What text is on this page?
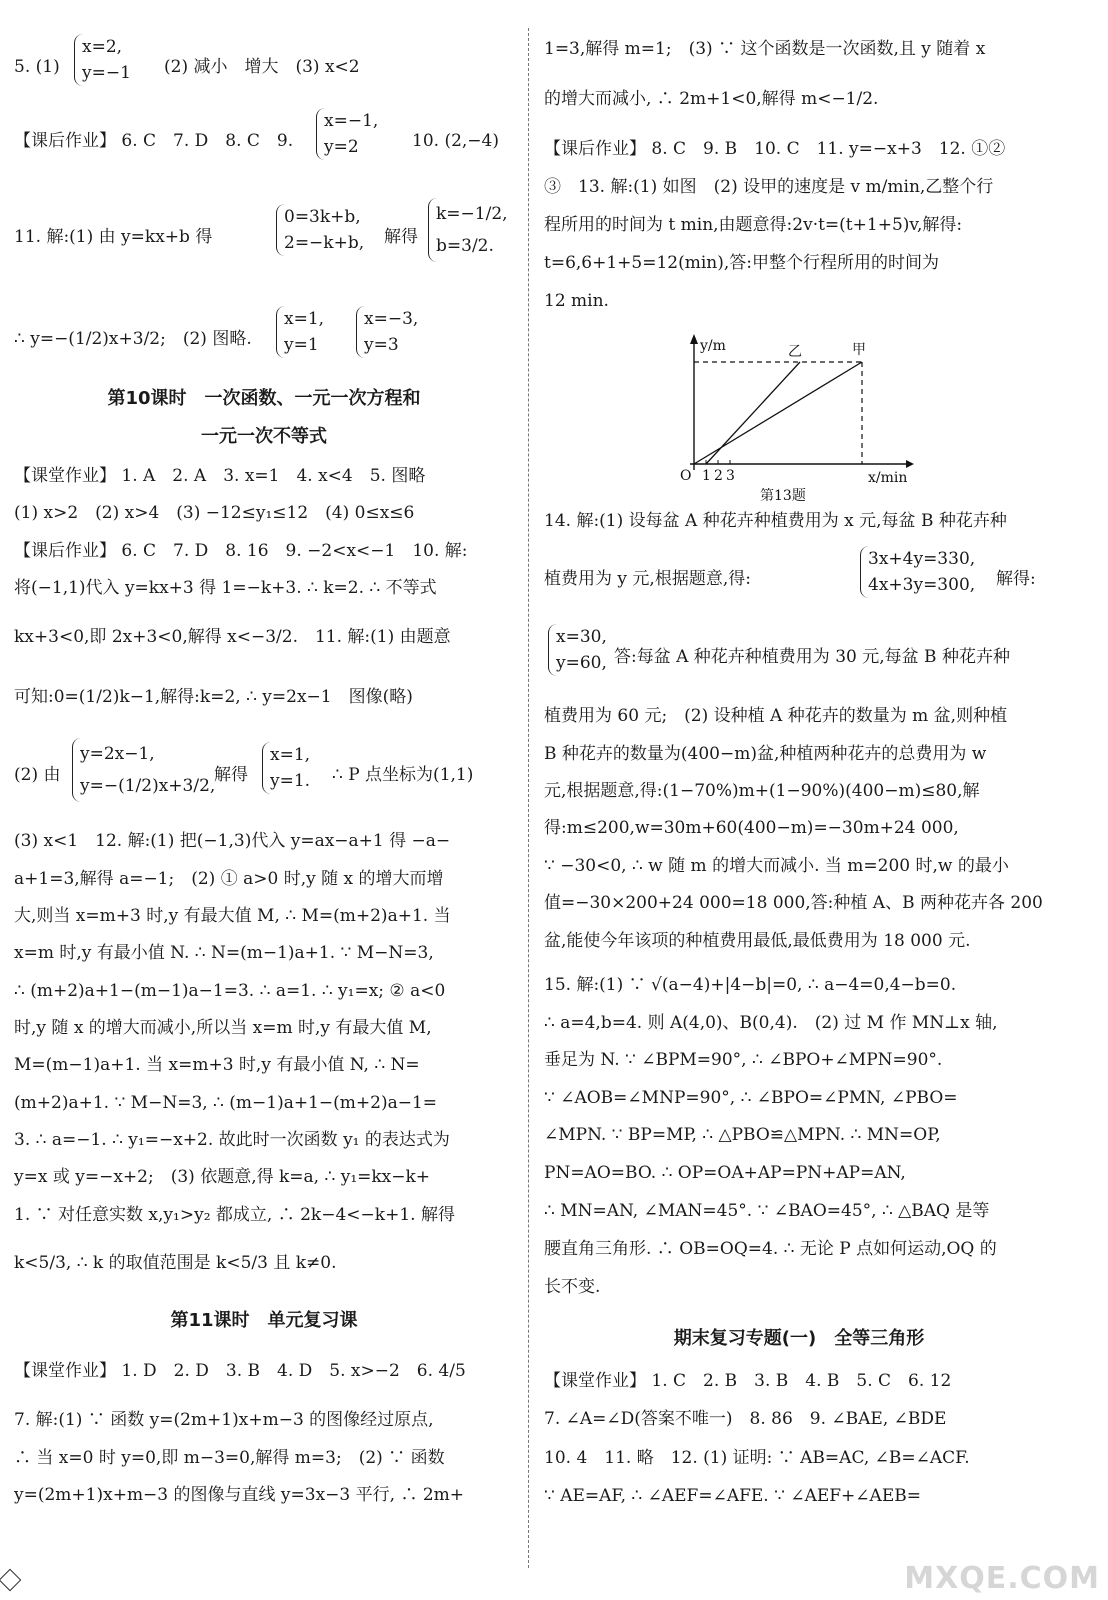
5. (1)
x=2,
y=−1 (2) 减小　增大　(3) x<2
【课后作业】 6. C　7. D　8. C　9.
x=−1,
y=2	10. (2,−4)
11. 解:(1) 由 y=kx+b 得
0=3k+b,
2=−k+b, 解得
k=−1/2,
b=3/2.
∴ y=−(1/2)x+3/2;　(2) 图略.
x=1,
y=1
x=−3,
y=3
第10课时　一次函数、一元一次方程和
一元一次不等式
【课堂作业】 1. A　2. A　3. x=1　4. x<4　5. 图略
(1) x>2　(2) x>4　(3) −12≤y₁≤12　(4) 0≤x≤6
【课后作业】 6. C　7. D　8. 16　9. −2<x<−1　10. 解:
将(−1,1)代入 y=kx+3 得 1=−k+3. ∴ k=2. ∴ 不等式
kx+3<0,即 2x+3<0,解得 x<−3/2.　11. 解:(1) 由题意
可知:0=(1/2)k−1,解得:k=2, ∴ y=2x−1　图像(略)
(2) 由
y=2x−1,
y=−(1/2)x+3/2,
解得
x=1,
y=1. ∴ P 点坐标为(1,1)
(3) x<1　12. 解:(1) 把(−1,3)代入 y=ax−a+1 得 −a−
a+1=3,解得 a=−1;　(2) ① a>0 时,y 随 x 的增大而增
大,则当 x=m+3 时,y 有最大值 M, ∴ M=(m+2)a+1. 当
x=m 时,y 有最小值 N. ∴ N=(m−1)a+1. ∵ M−N=3,
∴ (m+2)a+1−(m−1)a−1=3. ∴ a=1. ∴ y₁=x; ② a<0
时,y 随 x 的增大而减小,所以当 x=m 时,y 有最大值 M,
M=(m−1)a+1. 当 x=m+3 时,y 有最小值 N, ∴ N=
(m+2)a+1. ∵ M−N=3, ∴ (m−1)a+1−(m+2)a−1=
3. ∴ a=−1. ∴ y₁=−x+2. 故此时一次函数 y₁ 的表达式为
y=x 或 y=−x+2;　(3) 依题意,得 k=a, ∴ y₁=kx−k+
1. ∵ 对任意实数 x,y₁>y₂ 都成立, ∴ 2k−4<−k+1. 解得
k<5/3, ∴ k 的取值范围是 k<5/3 且 k≠0.
第11课时　单元复习课
【课堂作业】 1. D　2. D　3. B　4. D　5. x>−2　6. 4/5
7. 解:(1) ∵ 函数 y=(2m+1)x+m−3 的图像经过原点,
∴ 当 x=0 时 y=0,即 m−3=0,解得 m=3;　(2) ∵ 函数
y=(2m+1)x+m−3 的图像与直线 y=3x−3 平行, ∴ 2m+
1=3,解得 m=1;　(3) ∵ 这个函数是一次函数,且 y 随着 x
的增大而减小, ∴ 2m+1<0,解得 m<−1/2.
【课后作业】 8. C　9. B　10. C　11. y=−x+3　12. ①②
③　13. 解:(1) 如图　(2) 设甲的速度是 v m/min,乙整个行
程所用的时间为 t min,由题意得:2v·t=(t+1+5)v,解得:
t=6,6+1+5=12(min),答:甲整个行程所用的时间为
12 min.
14. 解:(1) 设每盆 A 种花卉种植费用为 x 元,每盆 B 种花卉种
植费用为 y 元,根据题意,得:
3x+4y=330,
4x+3y=300, 解得:
x=30,
y=60, 答:每盆 A 种花卉种植费用为 30 元,每盆 B 种花卉种
植费用为 60 元;　(2) 设种植 A 种花卉的数量为 m 盆,则种植
B 种花卉的数量为(400−m)盆,种植两种花卉的总费用为 w
元,根据题意,得:(1−70%)m+(1−90%)(400−m)≤80,解
得:m≤200,w=30m+60(400−m)=−30m+24 000,
∵ −30<0, ∴ w 随 m 的增大而减小. 当 m=200 时,w 的最小
值=−30×200+24 000=18 000,答:种植 A、B 两种花卉各 200
盆,能使今年该项的种植费用最低,最低费用为 18 000 元.
15. 解:(1) ∵ √(a−4)+|4−b|=0, ∴ a−4=0,4−b=0.
∴ a=4,b=4. 则 A(4,0)、B(0,4).　(2) 过 M 作 MN⊥x 轴,
垂足为 N. ∵ ∠BPM=90°, ∴ ∠BPO+∠MPN=90°.
∵ ∠AOB=∠MNP=90°, ∴ ∠BPO=∠PMN, ∠PBO=
∠MPN. ∵ BP=MP, ∴ △PBO≌△MPN. ∴ MN=OP,
PN=AO=BO. ∴ OP=OA+AP=PN+AP=AN,
∴ MN=AN, ∠MAN=45°. ∵ ∠BAO=45°, ∴ △BAQ 是等
腰直角三角形. ∴ OB=OQ=4. ∴ 无论 P 点如何运动,OQ 的
长不变.
期末复习专题(一)　全等三角形
【课堂作业】 1. C　2. B　3. B　4. B　5. C　6. 12
7. ∠A=∠D(答案不唯一)　8. 86　9. ∠BAE, ∠BDE
10. 4　11. 略　12. (1) 证明: ∵ AB=AC, ∠B=∠ACF.
∵ AE=AF, ∴ ∠AEF=∠AFE. ∵ ∠AEF+∠AEB=
y/m
x/min
O 1 2 3
乙	甲
第13题
MXQE.COM
